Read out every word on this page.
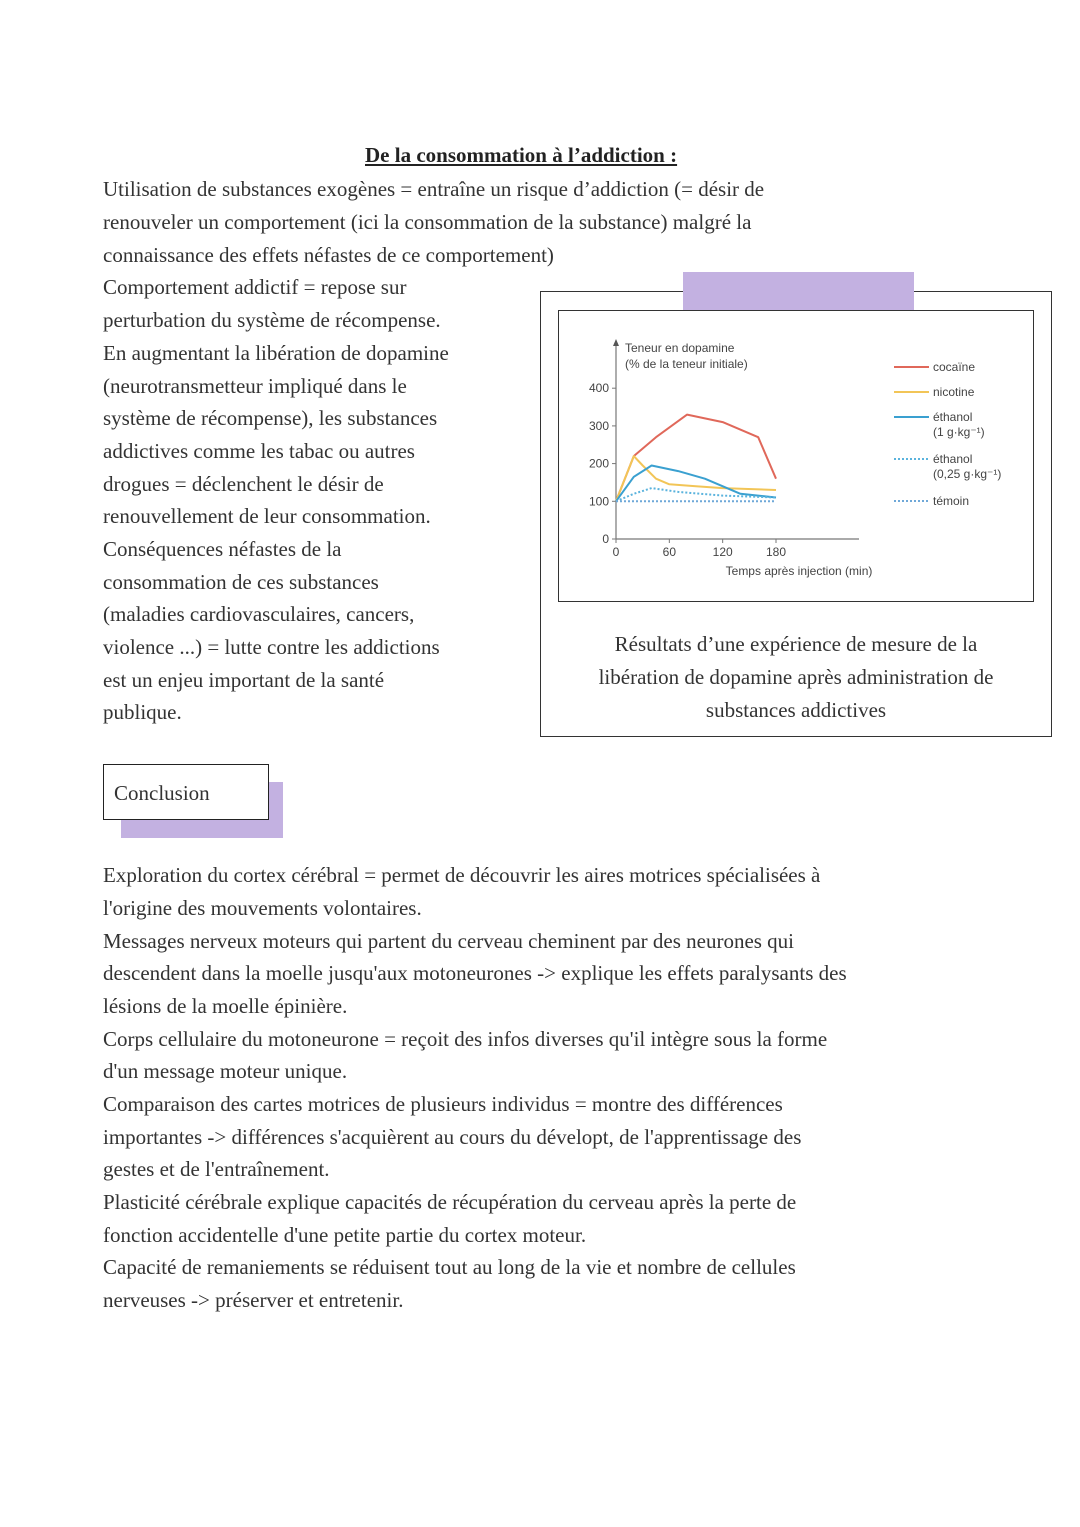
De la consommation à l’addiction :
Utilisation de substances exogènes = entraîne un risque d’addiction (= désir de
renouveler un comportement (ici la consommation de la substance) malgré la
connaissance des effets néfastes de ce comportement)
Comportement addictif = repose sur
perturbation du système de récompense.
En augmentant la libération de dopamine
(neurotransmetteur impliqué dans le
système de récompense), les substances
addictives comme les tabac ou autres
drogues = déclenchent le désir de
renouvellement de leur consommation.
Conséquences néfastes de la
consommation de ces substances
(maladies cardiovasculaires, cancers,
violence ...) = lutte contre les addictions
est un enjeu important de la santé
publique.
Teneur en dopamine
(% de la teneur initiale)
0
100
200
300
400
0	60	120	180
Temps après injection (min)
cocaïne
nicotine
éthanol
(1 g·kg⁻¹)
éthanol
(0,25 g·kg⁻¹)
témoin
Résultats d’une expérience de mesure de la
libération de dopamine après administration de
substances addictives
Conclusion
Exploration du cortex cérébral = permet de découvrir les aires motrices spécialisées à
l'origine des mouvements volontaires.
Messages nerveux moteurs qui partent du cerveau cheminent par des neurones qui
descendent dans la moelle jusqu'aux motoneurones -> explique les effets paralysants des
lésions de la moelle épinière.
Corps cellulaire du motoneurone = reçoit des infos diverses qu'il intègre sous la forme
d'un message moteur unique.
Comparaison des cartes motrices de plusieurs individus = montre des différences
importantes -> différences s'acquièrent au cours du dévelopt, de l'apprentissage des
gestes et de l'entraînement.
Plasticité cérébrale explique capacités de récupération du cerveau après la perte de
fonction accidentelle d'une petite partie du cortex moteur.
Capacité de remaniements se réduisent tout au long de la vie et nombre de cellules
nerveuses -> préserver et entretenir.
